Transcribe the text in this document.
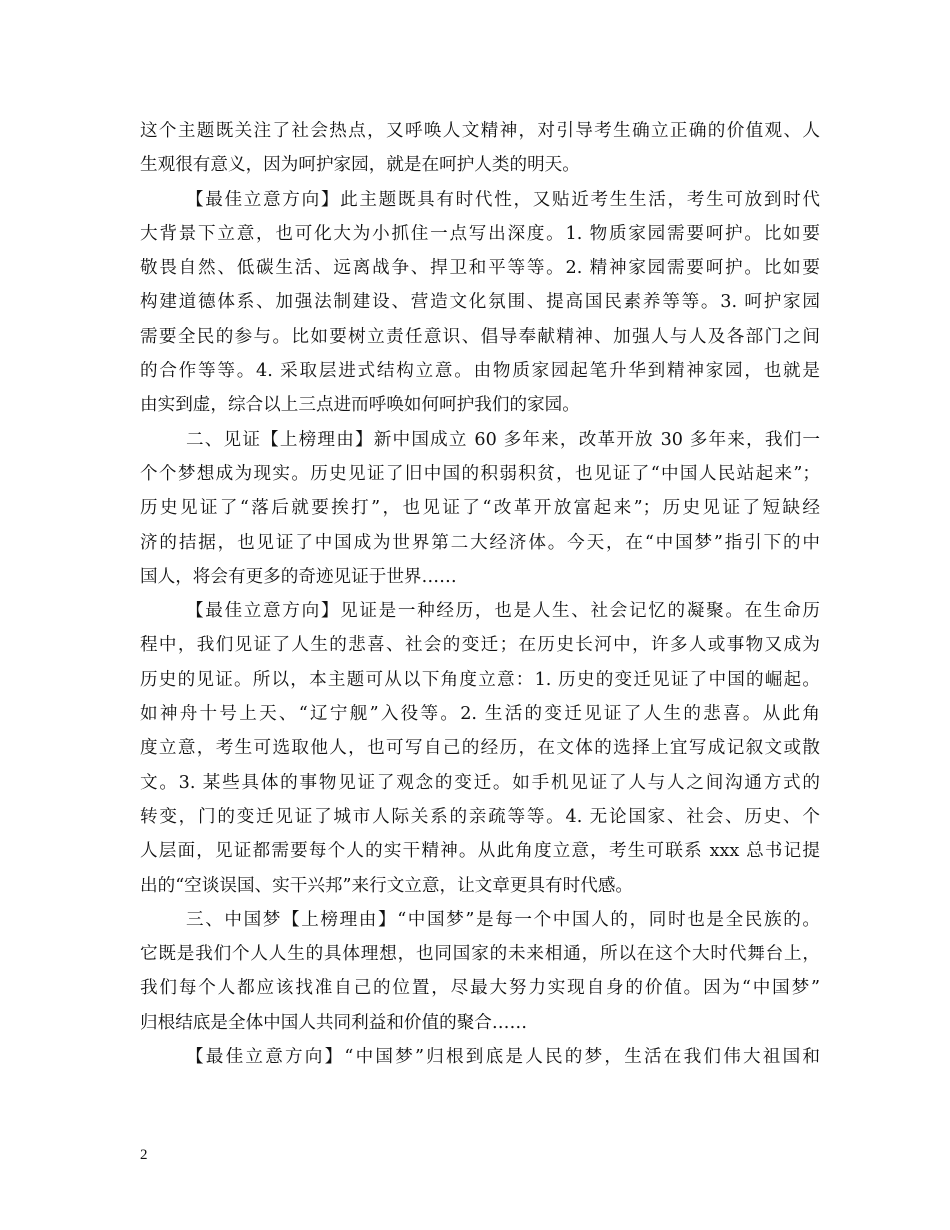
这个主题既关注了社会热点，又呼唤人文精神，对引导考生确立正确的价值观、人
生观很有意义，因为呵护家园，就是在呵护人类的明天。
【最佳立意方向】此主题既具有时代性，又贴近考生生活，考生可放到时代
大背景下立意，也可化大为小抓住一点写出深度。1. 物质家园需要呵护。比如要
敬畏自然、低碳生活、远离战争、捍卫和平等等。2. 精神家园需要呵护。比如要
构建道德体系、加强法制建设、营造文化氛围、提高国民素养等等。3. 呵护家园
需要全民的参与。比如要树立责任意识、倡导奉献精神、加强人与人及各部门之间
的合作等等。4. 采取层进式结构立意。由物质家园起笔升华到精神家园，也就是
由实到虚，综合以上三点进而呼唤如何呵护我们的家园。
二、见证【上榜理由】新中国成立 60 多年来，改革开放 30 多年来，我们一
个个梦想成为现实。历史见证了旧中国的积弱积贫，也见证了“中国人民站起来”；
历史见证了“落后就要挨打”，也见证了“改革开放富起来”；历史见证了短缺经
济的拮据，也见证了中国成为世界第二大经济体。今天，在“中国梦”指引下的中
国人，将会有更多的奇迹见证于世界……
【最佳立意方向】见证是一种经历，也是人生、社会记忆的凝聚。在生命历
程中，我们见证了人生的悲喜、社会的变迁；在历史长河中，许多人或事物又成为
历史的见证。所以，本主题可从以下角度立意：1. 历史的变迁见证了中国的崛起。
如神舟十号上天、“辽宁舰”入役等。2. 生活的变迁见证了人生的悲喜。从此角
度立意，考生可选取他人，也可写自己的经历，在文体的选择上宜写成记叙文或散
文。3. 某些具体的事物见证了观念的变迁。如手机见证了人与人之间沟通方式的
转变，门的变迁见证了城市人际关系的亲疏等等。4. 无论国家、社会、历史、个
人层面，见证都需要每个人的实干精神。从此角度立意，考生可联系 xxx 总书记提
出的“空谈误国、实干兴邦”来行文立意，让文章更具有时代感。
三、中国梦【上榜理由】“中国梦”是每一个中国人的，同时也是全民族的。
它既是我们个人人生的具体理想，也同国家的未来相通，所以在这个大时代舞台上，
我们每个人都应该找准自己的位置，尽最大努力实现自身的价值。因为“中国梦”
归根结底是全体中国人共同利益和价值的聚合……
【最佳立意方向】“中国梦”归根到底是人民的梦，生活在我们伟大祖国和
2
